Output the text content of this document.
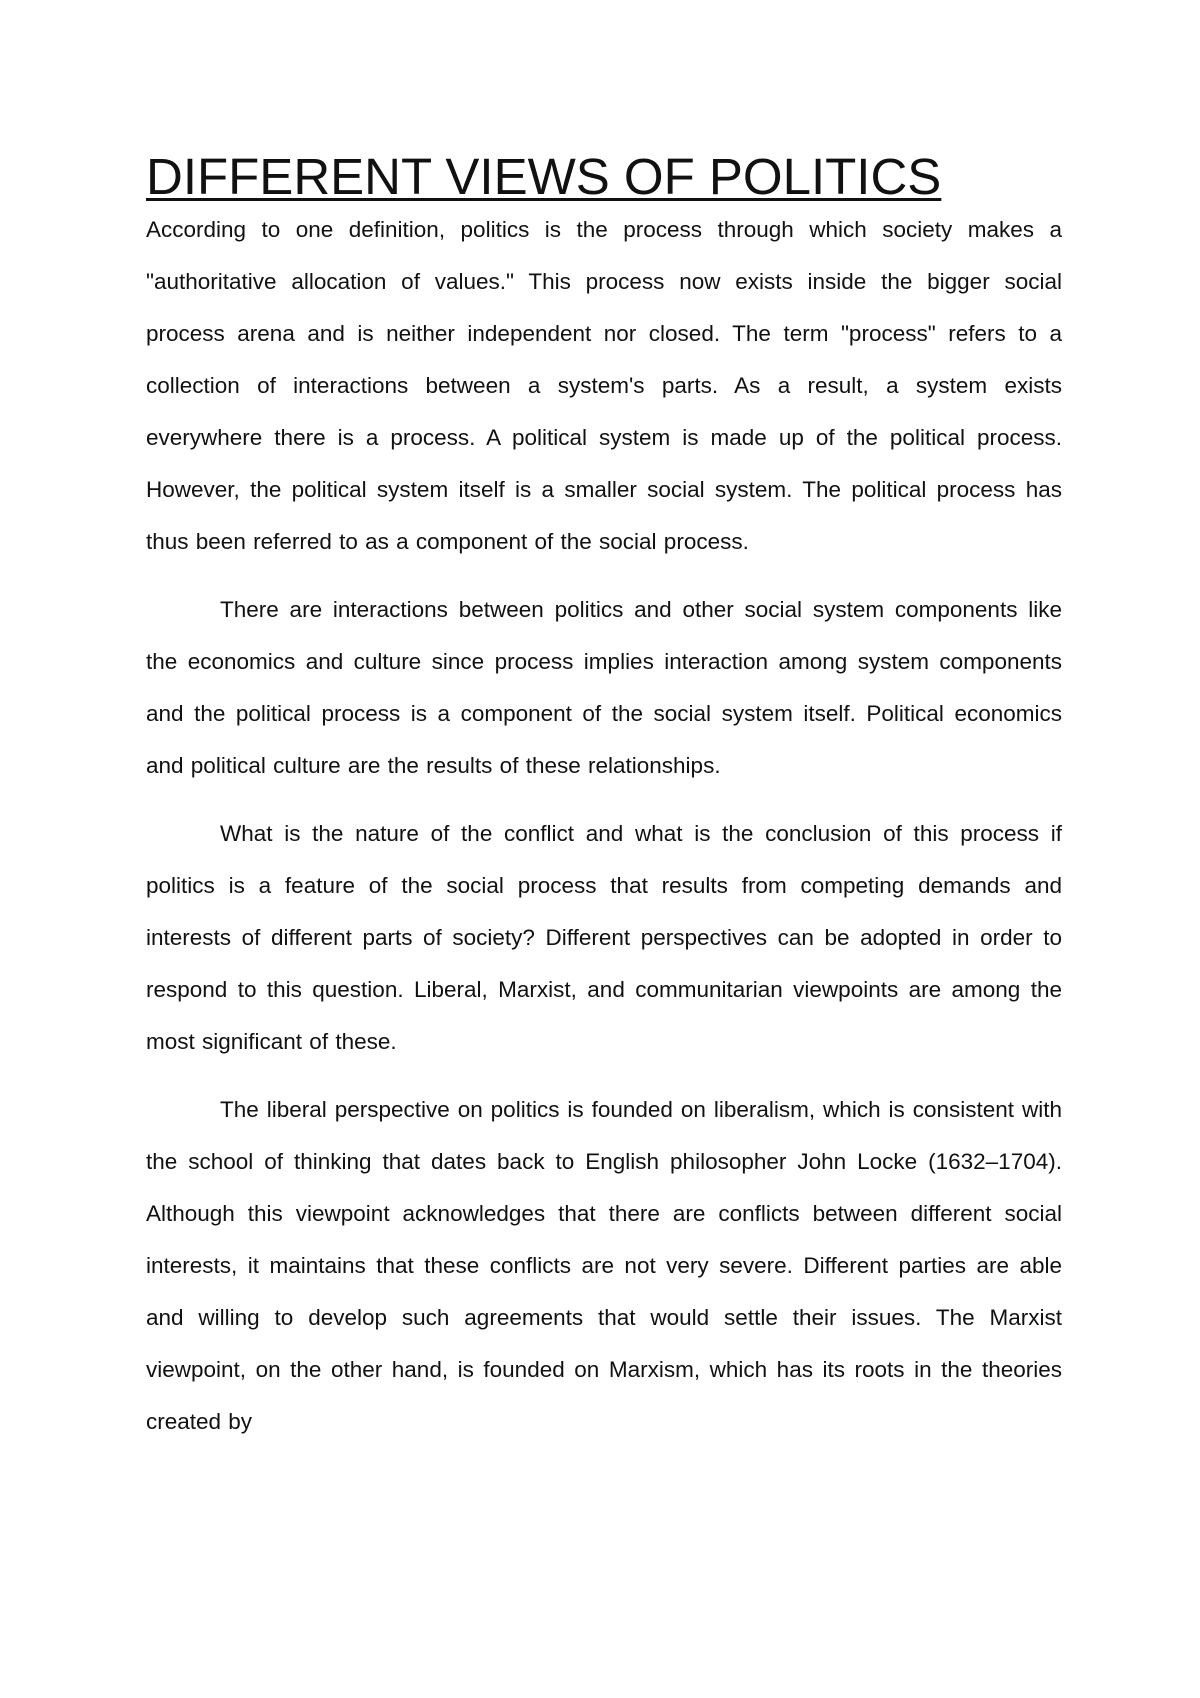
DIFFERENT VIEWS OF POLITICS

According to one definition, politics is the process through which society makes a "authoritative allocation of values." This process now exists inside the bigger social process arena and is neither independent nor closed. The term "process" refers to a collection of interactions between a system's parts. As a result, a system exists everywhere there is a process. A political system is made up of the political process. However, the political system itself is a smaller social system. The political process has thus been referred to as a component of the social process.

There are interactions between politics and other social system components like the economics and culture since process implies interaction among system components and the political process is a component of the social system itself. Political economics and political culture are the results of these relationships.

What is the nature of the conflict and what is the conclusion of this process if politics is a feature of the social process that results from competing demands and interests of different parts of society? Different perspectives can be adopted in order to respond to this question. Liberal, Marxist, and communitarian viewpoints are among the most significant of these.

The liberal perspective on politics is founded on liberalism, which is consistent with the school of thinking that dates back to English philosopher John Locke (1632–1704). Although this viewpoint acknowledges that there are conflicts between different social interests, it maintains that these conflicts are not very severe. Different parties are able and willing to develop such agreements that would settle their issues. The Marxist viewpoint, on the other hand, is founded on Marxism, which has its roots in the theories created by
